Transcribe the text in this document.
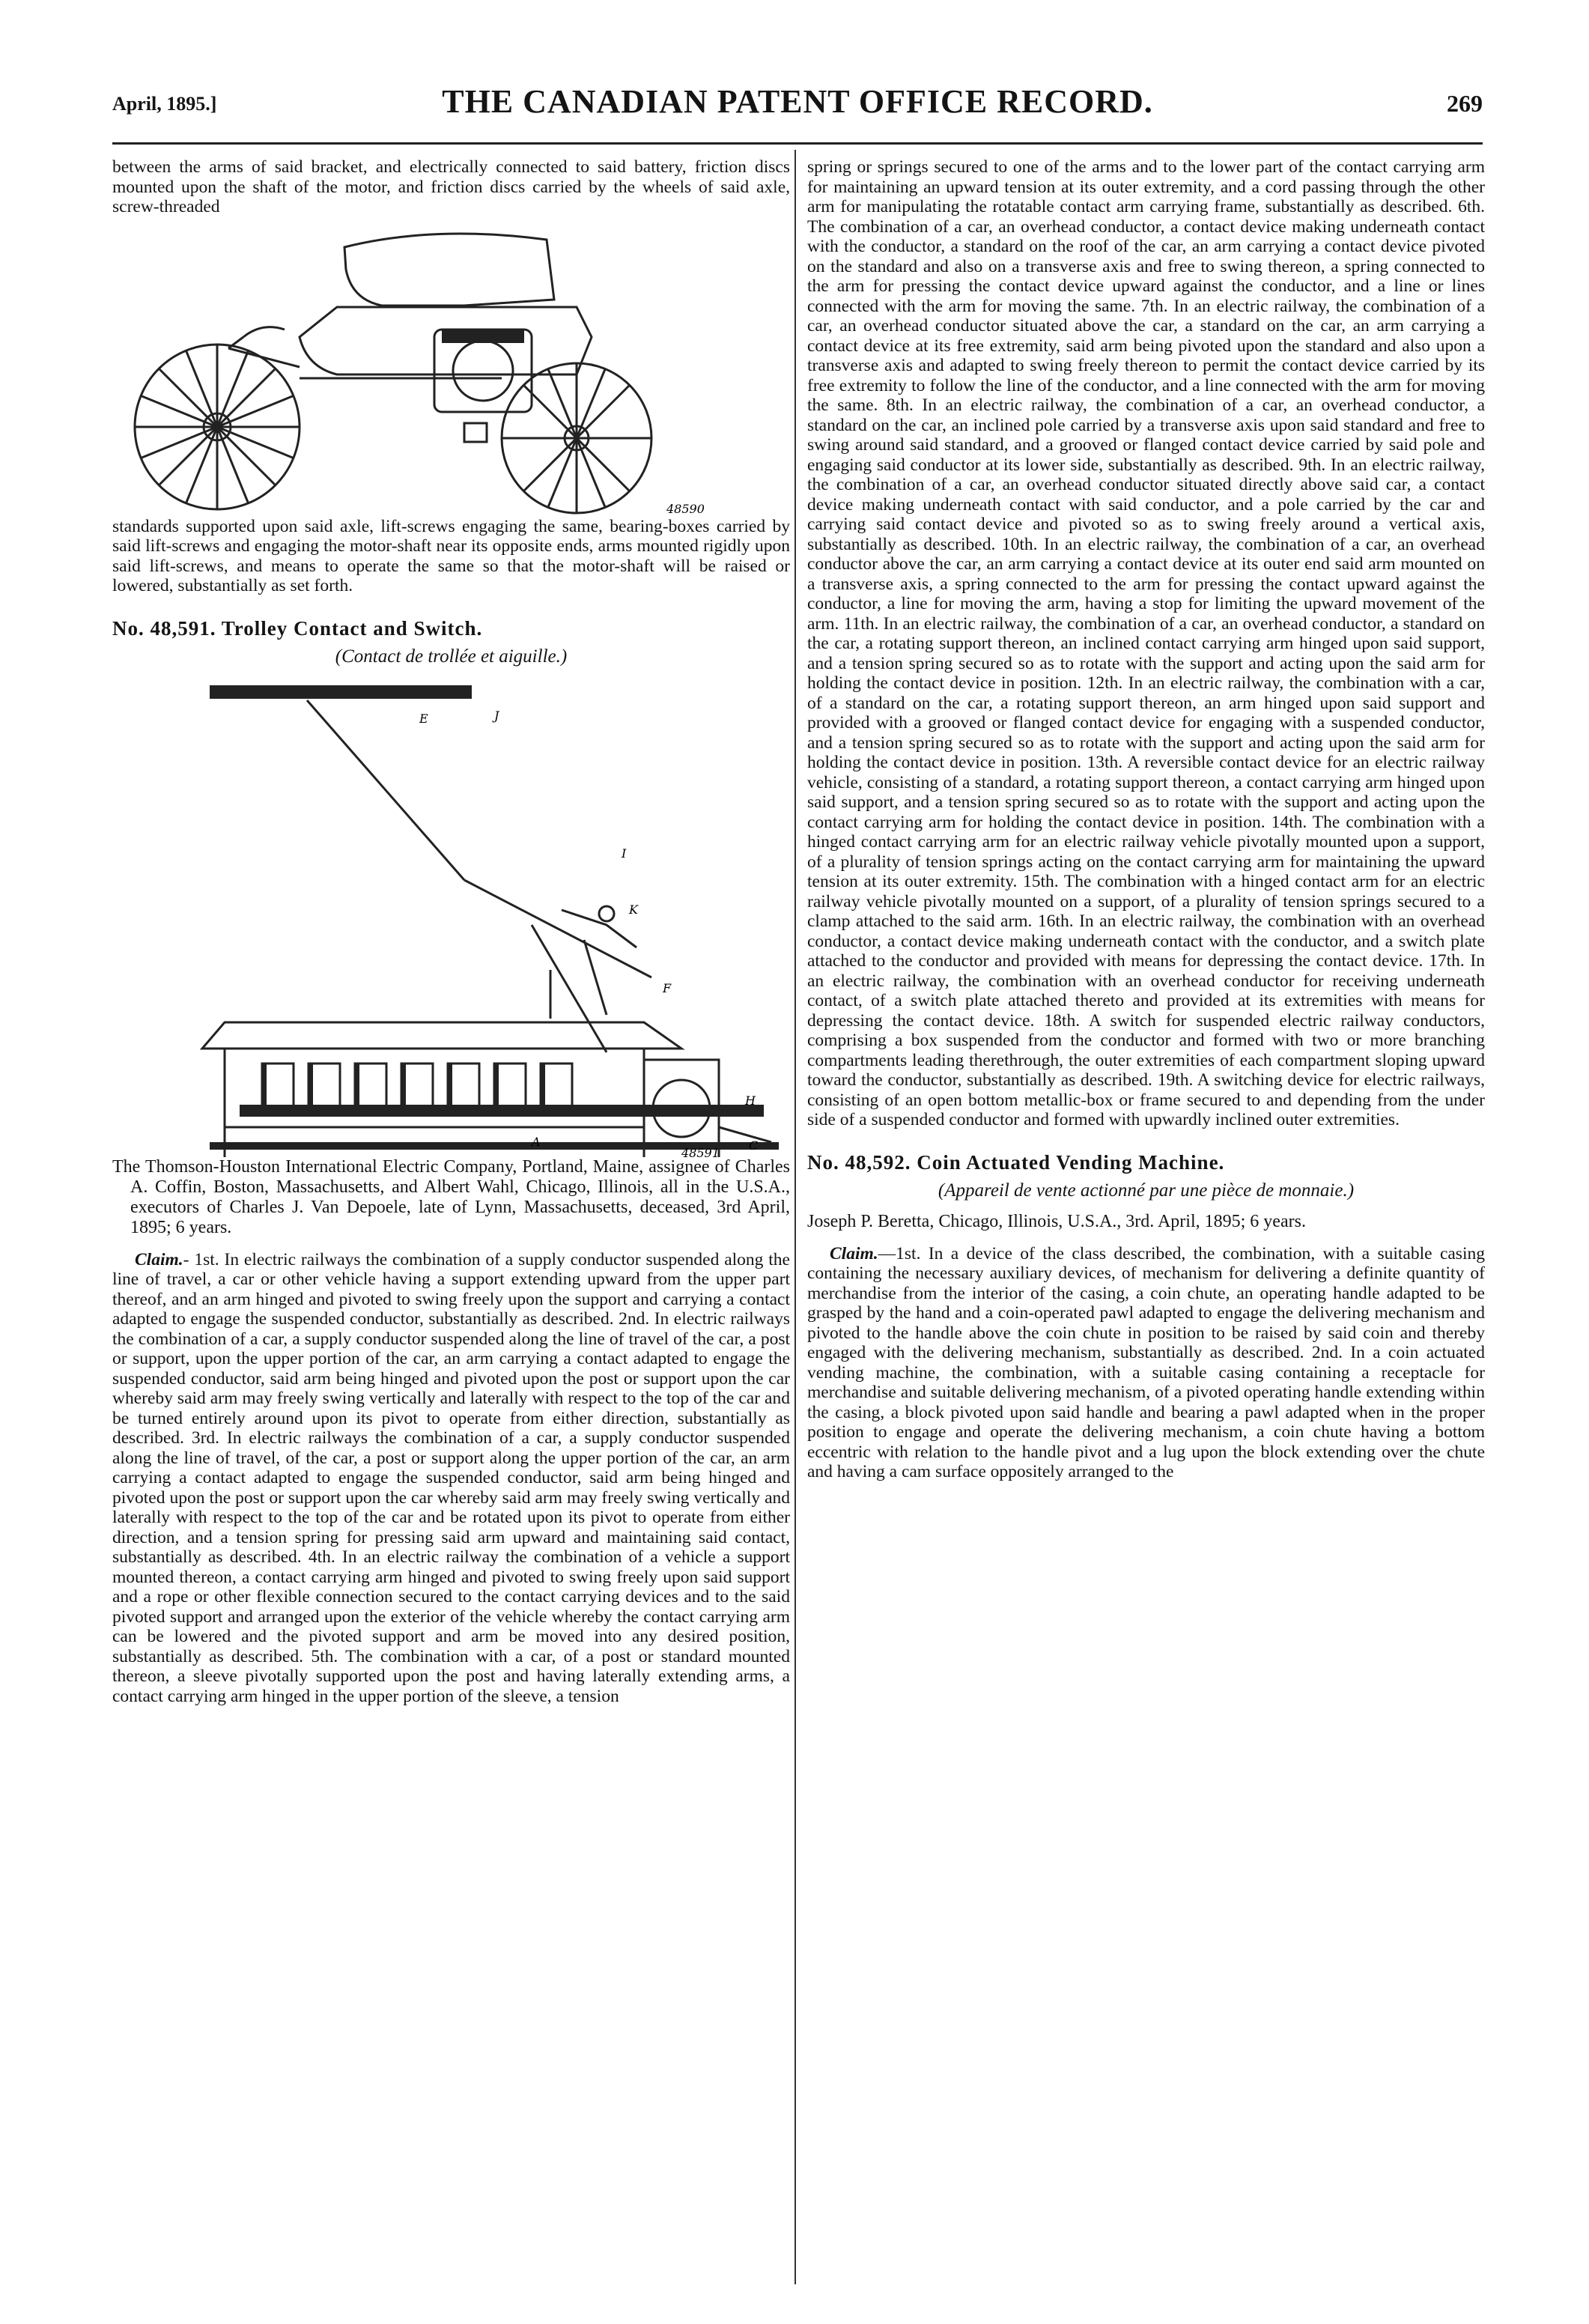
April, 1895.]	THE CANADIAN PATENT OFFICE RECORD.	269

between the arms of said bracket, and electrically connected to said battery, friction discs mounted upon the shaft of the motor, and friction discs carried by the wheels of said axle, screw-threaded

48590

standards supported upon said axle, lift-screws engaging the same, bearing-boxes carried by said lift-screws and engaging the motor-shaft near its opposite ends, arms mounted rigidly upon said lift-screws, and means to operate the same so that the motor-shaft will be raised or lowered, substantially as set forth.

No. 48,591. Trolley Contact and Switch.
(Contact de trollée et aiguille.)
E	J
K
I
A
H
C
F
48591

The Thomson-Houston International Electric Company, Portland, Maine, assignee of Charles A. Coffin, Boston, Massachusetts, and Albert Wahl, Chicago, Illinois, all in the U.S.A., executors of Charles J. Van Depoele, late of Lynn, Massachusetts, deceased, 3rd April, 1895; 6 years.

Claim.- 1st. In electric railways the combination of a supply conductor suspended along the line of travel, a car or other vehicle having a support extending upward from the upper part thereof, and an arm hinged and pivoted to swing freely upon the support and carrying a contact adapted to engage the suspended conductor, substantially as described. 2nd. In electric railways the combination of a car, a supply conductor suspended along the line of travel of the car, a post or support, upon the upper portion of the car, an arm carrying a contact adapted to engage the suspended conductor, said arm being hinged and pivoted upon the post or support upon the car whereby said arm may freely swing vertically and laterally with respect to the top of the car and be turned entirely around upon its pivot to operate from either direction, substantially as described. 3rd. In electric railways the combination of a car, a supply conductor suspended along the line of travel, of the car, a post or support along the upper portion of the car, an arm carrying a contact adapted to engage the suspended conductor, said arm being hinged and pivoted upon the post or support upon the car whereby said arm may freely swing vertically and laterally with respect to the top of the car and be rotated upon its pivot to operate from either direction, and a tension spring for pressing said arm upward and maintaining said contact, substantially as described. 4th. In an electric railway the combination of a vehicle a support mounted thereon, a contact carrying arm hinged and pivoted to swing freely upon said support and a rope or other flexible connection secured to the contact carrying devices and to the said pivoted support and arranged upon the exterior of the vehicle whereby the contact carrying arm can be lowered and the pivoted support and arm be moved into any desired position, substantially as described. 5th. The combination with a car, of a post or standard mounted thereon, a sleeve pivotally supported upon the post and having laterally extending arms, a contact carrying arm hinged in the upper portion of the sleeve, a tension

spring or springs secured to one of the arms and to the lower part of the contact carrying arm for maintaining an upward tension at its outer extremity, and a cord passing through the other arm for manipulating the rotatable contact arm carrying frame, substantially as described. 6th. The combination of a car, an overhead conductor, a contact device making underneath contact with the conductor, a standard on the roof of the car, an arm carrying a contact device pivoted on the standard and also on a transverse axis and free to swing thereon, a spring connected to the arm for pressing the contact device upward against the conductor, and a line or lines connected with the arm for moving the same. 7th. In an electric railway, the combination of a car, an overhead conductor situated above the car, a standard on the car, an arm carrying a contact device at its free extremity, said arm being pivoted upon the standard and also upon a transverse axis and adapted to swing freely thereon to permit the contact device carried by its free extremity to follow the line of the conductor, and a line connected with the arm for moving the same. 8th. In an electric railway, the combination of a car, an overhead conductor, a standard on the car, an inclined pole carried by a transverse axis upon said standard and free to swing around said standard, and a grooved or flanged contact device carried by said pole and engaging said conductor at its lower side, substantially as described. 9th. In an electric railway, the combination of a car, an overhead conductor situated directly above said car, a contact device making underneath contact with said conductor, and a pole carried by the car and carrying said contact device and pivoted so as to swing freely around a vertical axis, substantially as described. 10th. In an electric railway, the combination of a car, an overhead conductor above the car, an arm carrying a contact device at its outer end said arm mounted on a transverse axis, a spring connected to the arm for pressing the contact upward against the conductor, a line for moving the arm, having a stop for limiting the upward movement of the arm. 11th. In an electric railway, the combination of a car, an overhead conductor, a standard on the car, a rotating support thereon, an inclined contact carrying arm hinged upon said support, and a tension spring secured so as to rotate with the support and acting upon the said arm for holding the contact device in position. 12th. In an electric railway, the combination with a car, of a standard on the car, a rotating support thereon, an arm hinged upon said support and provided with a grooved or flanged contact device for engaging with a suspended conductor, and a tension spring secured so as to rotate with the support and acting upon the said arm for holding the contact device in position. 13th. A reversible contact device for an electric railway vehicle, consisting of a standard, a rotating support thereon, a contact carrying arm hinged upon said support, and a tension spring secured so as to rotate with the support and acting upon the contact carrying arm for holding the contact device in position. 14th. The combination with a hinged contact carrying arm for an electric railway vehicle pivotally mounted upon a support, of a plurality of tension springs acting on the contact carrying arm for maintaining the upward tension at its outer extremity. 15th. The combination with a hinged contact arm for an electric railway vehicle pivotally mounted on a support, of a plurality of tension springs secured to a clamp attached to the said arm. 16th. In an electric railway, the combination with an overhead conductor, a contact device making underneath contact with the conductor, and a switch plate attached to the conductor and provided with means for depressing the contact device. 17th. In an electric railway, the combination with an overhead conductor for receiving underneath contact, of a switch plate attached thereto and provided at its extremities with means for depressing the contact device. 18th. A switch for suspended electric railway conductors, comprising a box suspended from the conductor and formed with two or more branching compartments leading therethrough, the outer extremities of each compartment sloping upward toward the conductor, substantially as described. 19th. A switching device for electric railways, consisting of an open bottom metallic-box or frame secured to and depending from the under side of a suspended conductor and formed with upwardly inclined outer extremities.

No. 48,592. Coin Actuated Vending Machine.
(Appareil de vente actionné par une pièce de monnaie.)

Joseph P. Beretta, Chicago, Illinois, U.S.A., 3rd. April, 1895; 6 years.

Claim.—1st. In a device of the class described, the combination, with a suitable casing containing the necessary auxiliary devices, of mechanism for delivering a definite quantity of merchandise from the interior of the casing, a coin chute, an operating handle adapted to be grasped by the hand and a coin-operated pawl adapted to engage the delivering mechanism and pivoted to the handle above the coin chute in position to be raised by said coin and thereby engaged with the delivering mechanism, substantially as described. 2nd. In a coin actuated vending machine, the combination, with a suitable casing containing a receptacle for merchandise and suitable delivering mechanism, of a pivoted operating handle extending within the casing, a block pivoted upon said handle and bearing a pawl adapted when in the proper position to engage and operate the delivering mechanism, a coin chute having a bottom eccentric with relation to the handle pivot and a lug upon the block extending over the chute and having a cam surface oppositely arranged to the
